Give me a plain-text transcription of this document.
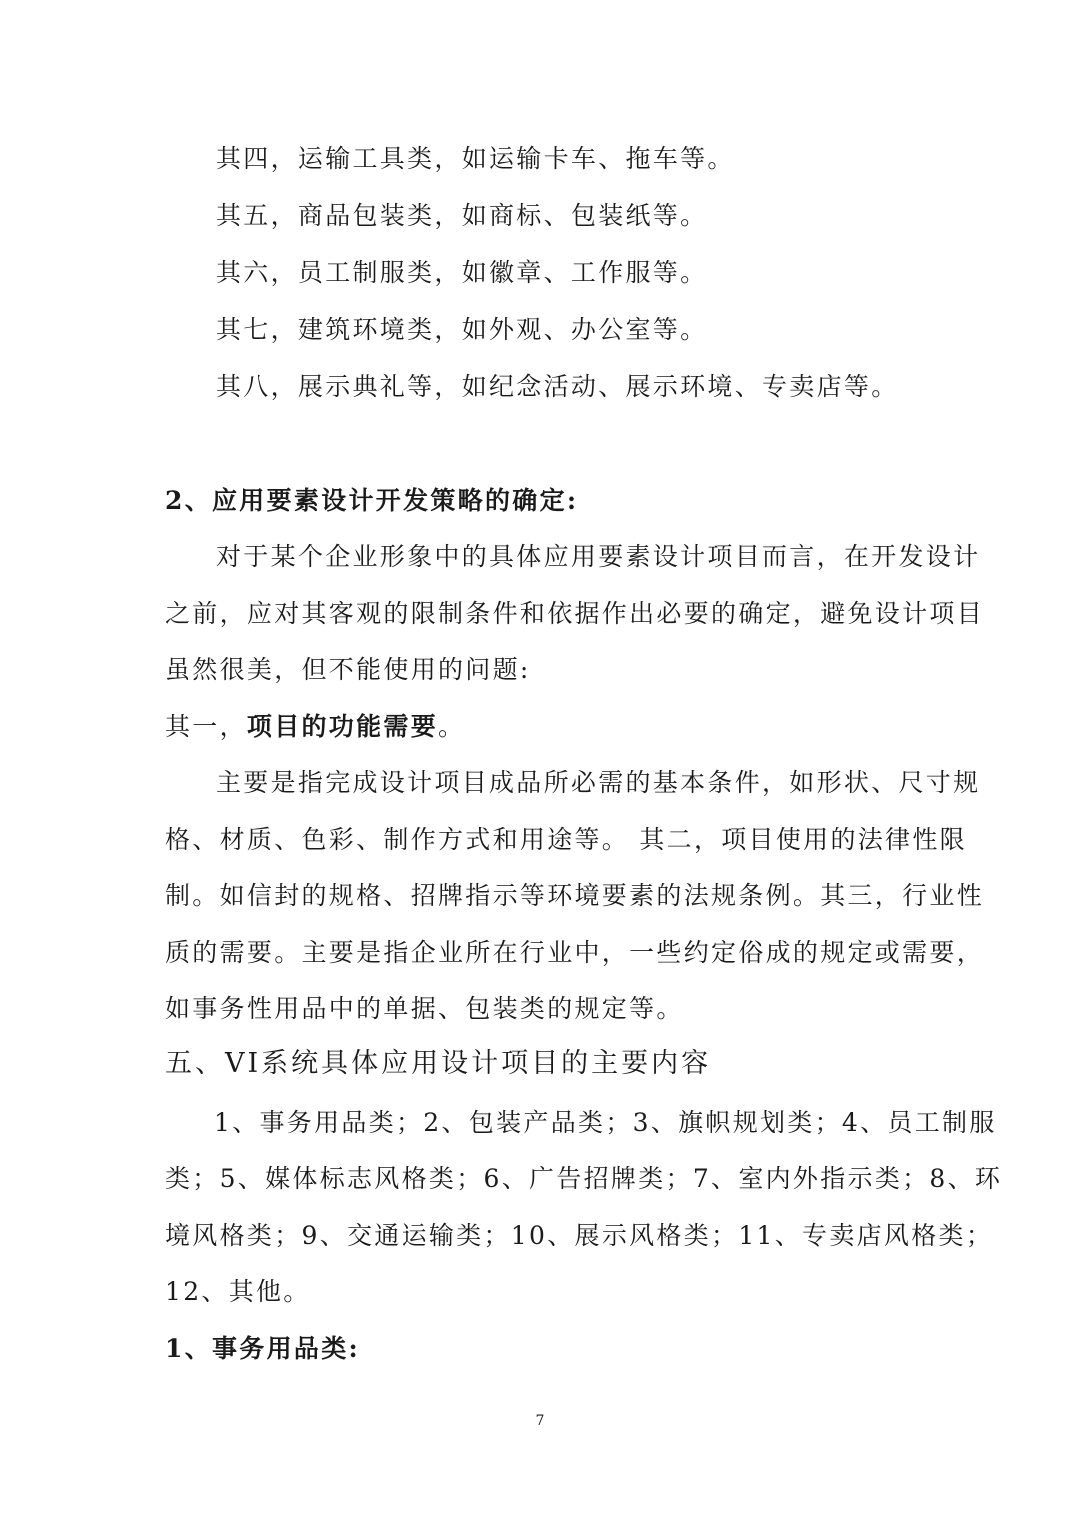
其四，运输工具类，如运输卡车、拖车等。

其五，商品包装类，如商标、包装纸等。

其六，员工制服类，如徽章、工作服等。

其七，建筑环境类，如外观、办公室等。

其八，展示典礼等，如纪念活动、展示环境、专卖店等。

2、应用要素设计开发策略的确定:

对于某个企业形象中的具体应用要素设计项目而言，在开发设计

之前，应对其客观的限制条件和依据作出必要的确定，避免设计项目

虽然很美，但不能使用的问题:

其一，项目的功能需要。

主要是指完成设计项目成品所必需的基本条件，如形状、尺寸规

格、材质、色彩、制作方式和用途等。 其二，项目使用的法律性限

制。如信封的规格、招牌指示等环境要素的法规条例。其三，行业性

质的需要。主要是指企业所在行业中，一些约定俗成的规定或需要，

如事务性用品中的单据、包装类的规定等。

五、VI系统具体应用设计项目的主要内容

1、事务用品类；2、包装产品类；3、旗帜规划类；4、员工制服

类；5、媒体标志风格类；6、广告招牌类；7、室内外指示类；8、环

境风格类；9、交通运输类；10、展示风格类；11、专卖店风格类；

12、其他。

1、事务用品类:

7
